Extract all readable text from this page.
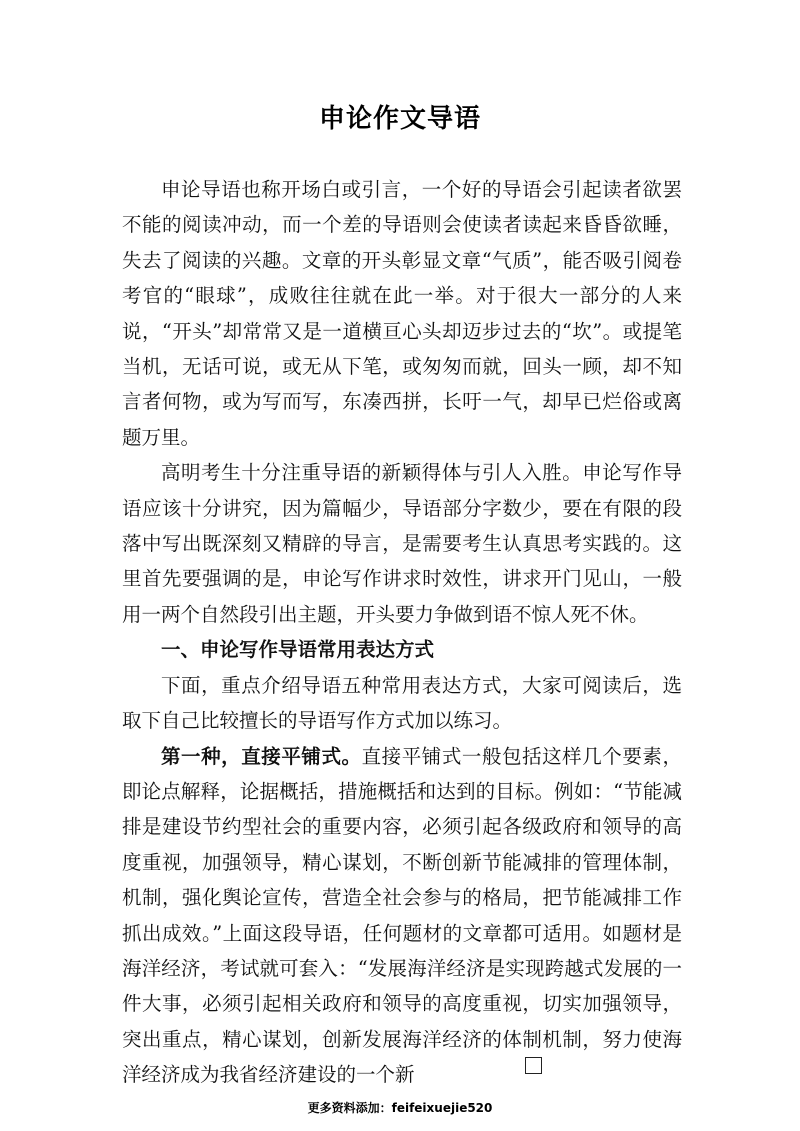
申论作文导语

申论导语也称开场白或引言，一个好的导语会引起读者欲罢不能的阅读冲动，而一个差的导语则会使读者读起来昏昏欲睡，失去了阅读的兴趣。文章的开头彰显文章“气质”，能否吸引阅卷考官的“眼球”，成败往往就在此一举。对于很大一部分的人来说，“开头”却常常又是一道横亘心头却迈步过去的“坎”。或提笔当机，无话可说，或无从下笔，或匆匆而就，回头一顾，却不知言者何物，或为写而写，东凑西拼，长吁一气，却早已烂俗或离题万里。

高明考生十分注重导语的新颖得体与引人入胜。申论写作导语应该十分讲究，因为篇幅少，导语部分字数少，要在有限的段落中写出既深刻又精辟的导言，是需要考生认真思考实践的。这里首先要强调的是，申论写作讲求时效性，讲求开门见山，一般用一两个自然段引出主题，开头要力争做到语不惊人死不休。

一、申论写作导语常用表达方式

下面，重点介绍导语五种常用表达方式，大家可阅读后，选取下自己比较擅长的导语写作方式加以练习。

第一种，直接平铺式。直接平铺式一般包括这样几个要素，即论点解释，论据概括，措施概括和达到的目标。例如：“节能减排是建设节约型社会的重要内容，必须引起各级政府和领导的高度重视，加强领导，精心谋划，不断创新节能减排的管理体制，机制，强化舆论宣传，营造全社会参与的格局，把节能减排工作抓出成效。”上面这段导语，任何题材的文章都可适用。如题材是海洋经济，考试就可套入：“发展海洋经济是实现跨越式发展的一件大事，必须引起相关政府和领导的高度重视，切实加强领导，突出重点，精心谋划，创新发展海洋经济的体制机制，努力使海洋经济成为我省经济建设的一个新

更多资料添加：feifeixuejie520
